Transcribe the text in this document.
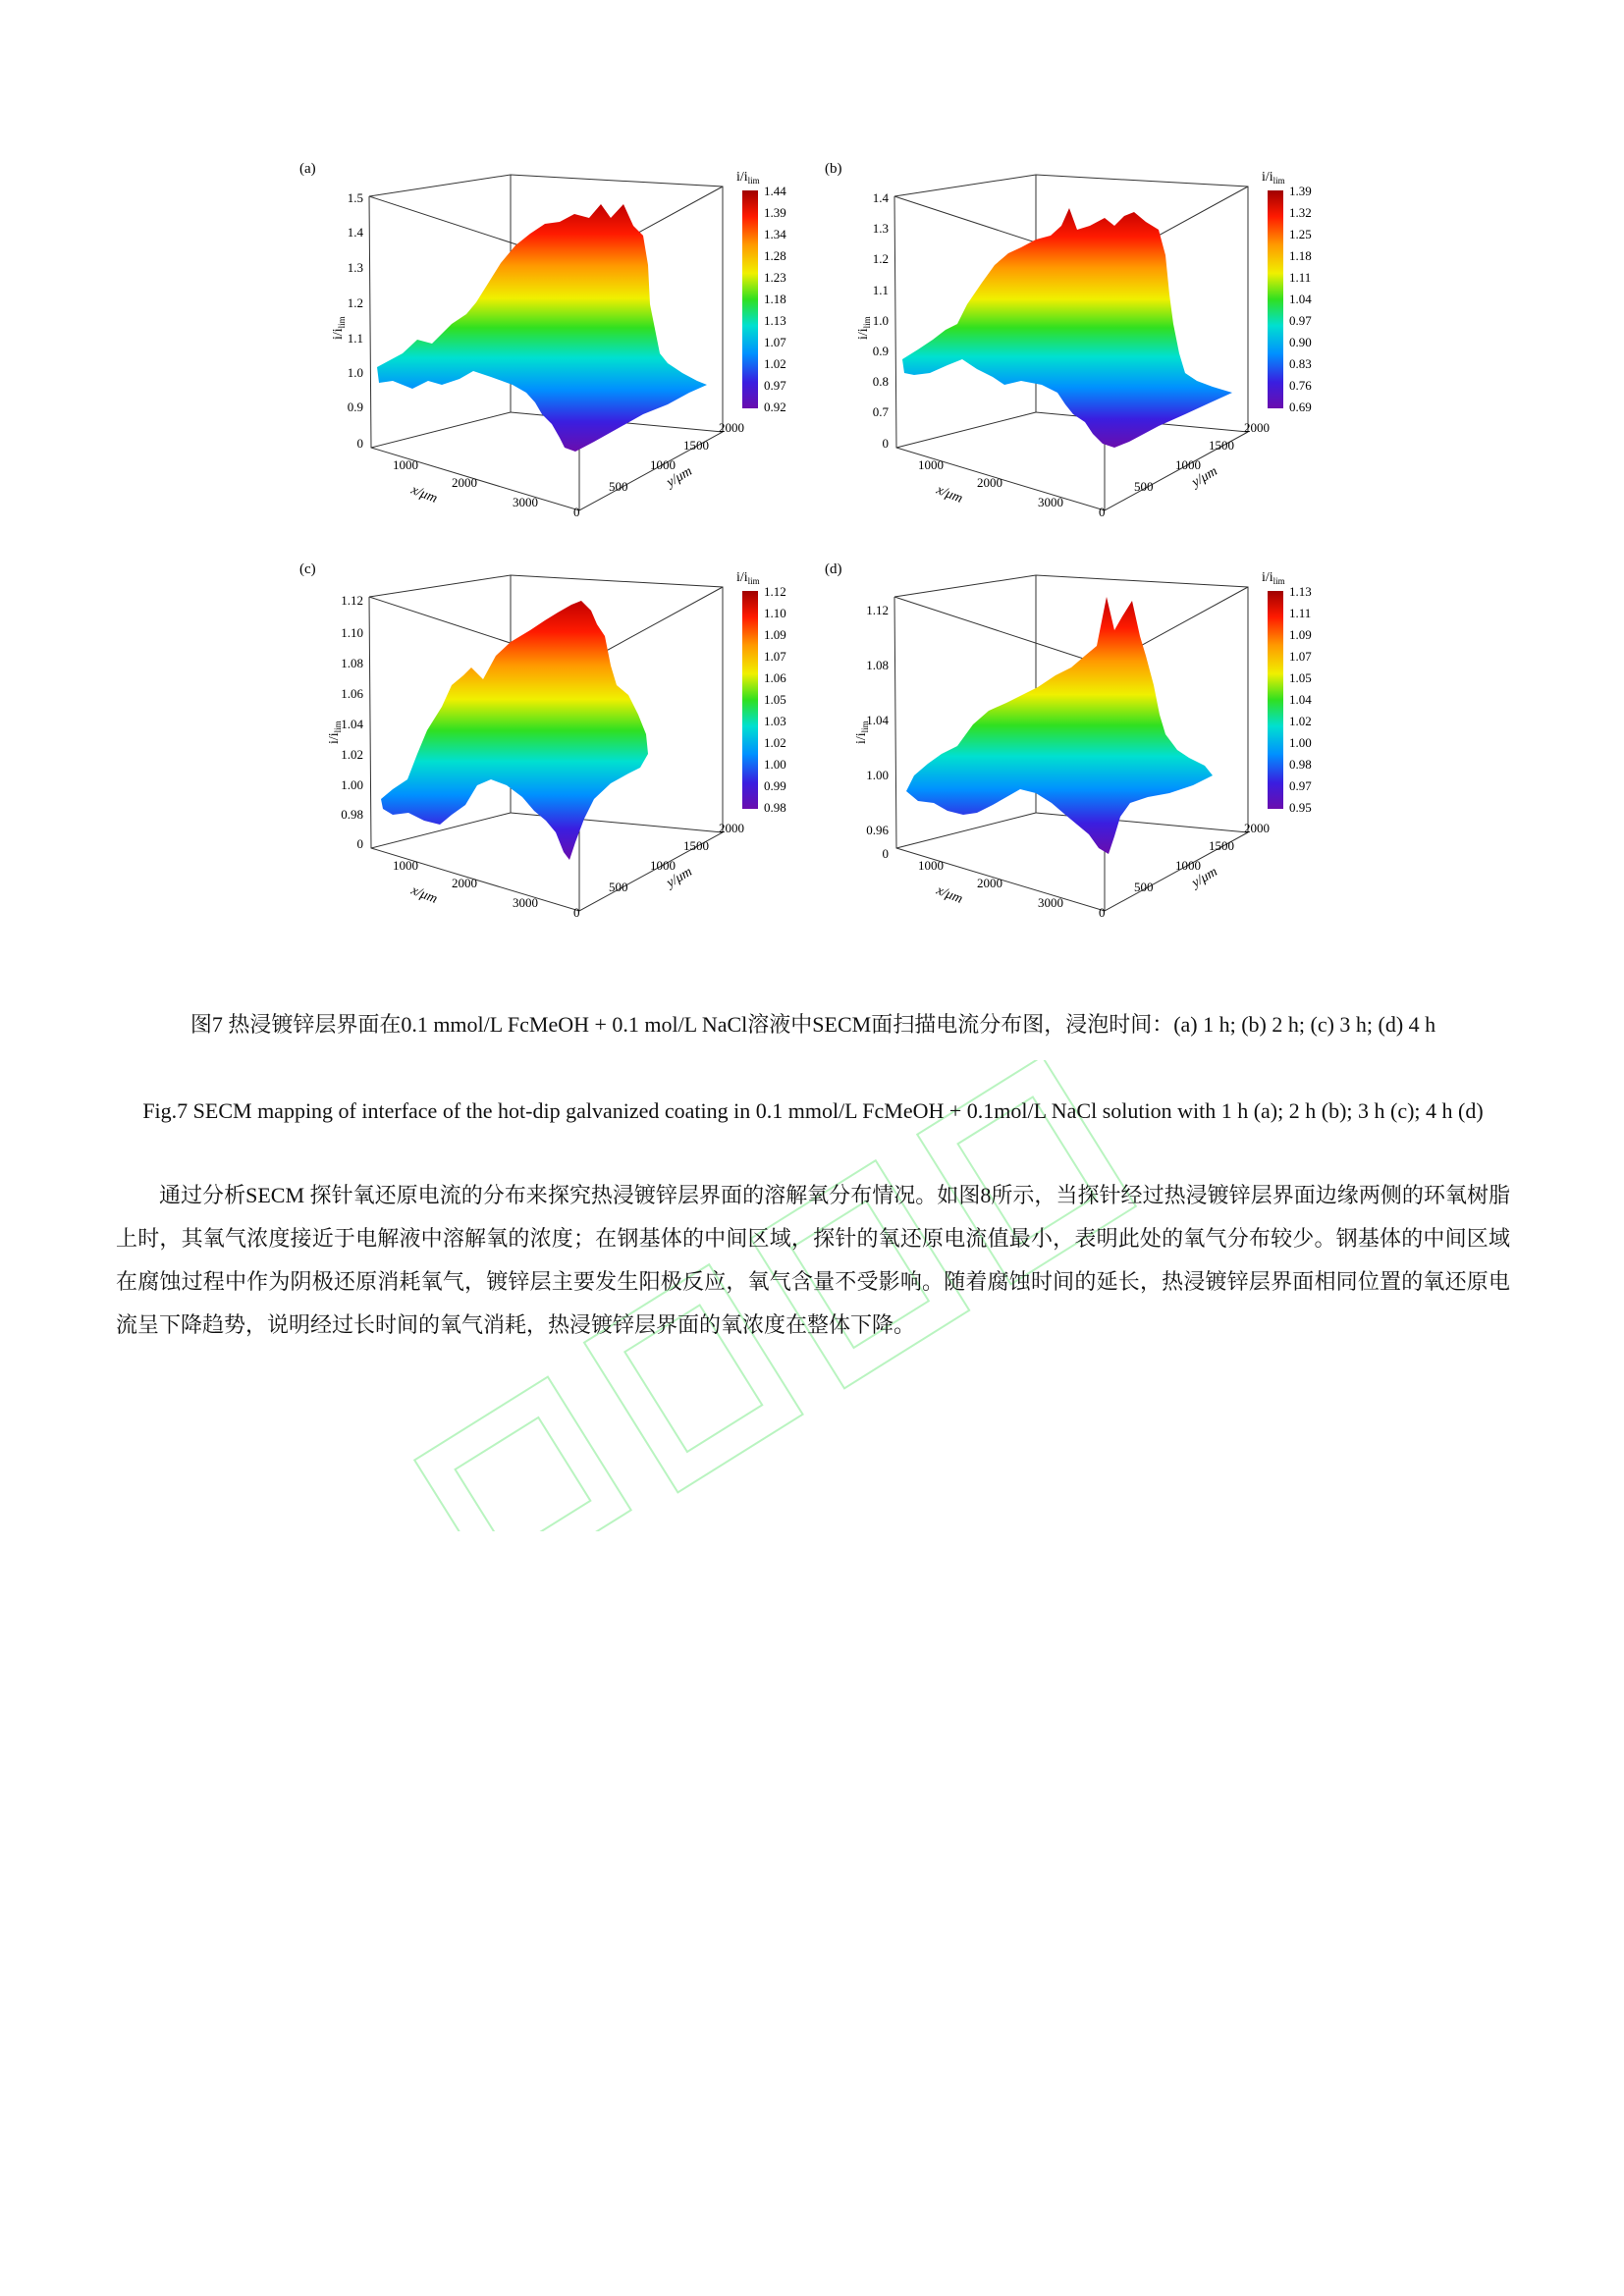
(a)
$i/i_{lim}$
1.5
1.4
1.3
1.2
1.1
1.0
0.9
0
1000
2000
3000
x/μm
0
500
1000
1500
2000
y/μm
$i/i_{lim}$
1.44
1.39
1.34
1.28
1.23
1.18
1.13
1.07
1.02
0.97
0.92
(b)
$i/i_{lim}$
1.4
1.3
1.2
1.1
1.0
0.9
0.8
0.7
0
1000
2000
3000
x/μm
0
500
1000
1500
2000
y/μm
$i/i_{lim}$
1.39
1.32
1.25
1.18
1.11
1.04
0.97
0.90
0.83
0.76
0.69
(c)
$i/i_{lim}$
1.12
1.10
1.08
1.06
1.04
1.02
1.00
0.98
0
1000
2000
3000
x/μm
0
500
1000
1500
2000
y/μm
$i/i_{lim}$
1.12
1.10
1.09
1.07
1.06
1.05
1.03
1.02
1.00
0.99
0.98
(d)
$i/i_{lim}$
1.12
1.08
1.04
1.00
0.96
0
1000
2000
3000
x/μm
0
500
1000
1500
2000
y/μm
$i/i_{lim}$
1.13
1.11
1.09
1.07
1.05
1.04
1.02
1.00
0.98
0.97
0.95
图7 热浸镀锌层界面在0.1 mmol/L FcMeOH + 0.1 mol/L NaCl溶液中SECM面扫描电流分布图，浸泡时间：(a) 1 h; (b) 2 h; (c) 3 h; (d) 4 h
Fig.7 SECM mapping of interface of the hot-dip galvanized coating in 0.1 mmol/L FcMeOH + 0.1mol/L NaCl solution with 1 h (a); 2 h (b); 3 h (c); 4 h (d)

通过分析SECM 探针氧还原电流的分布来探究热浸镀锌层界面的溶解氧分布情况。如图8所示，当探针经过热浸镀锌层界面边缘两侧的环氧树脂上时，其氧气浓度接近于电解液中溶解氧的浓度；在钢基体的中间区域，探针的氧还原电流值最小，表明此处的氧气分布较少。钢基体的中间区域在腐蚀过程中作为阴极还原消耗氧气，镀锌层主要发生阳极反应，氧气含量不受影响。随着腐蚀时间的延长，热浸镀锌层界面相同位置的氧还原电流呈下降趋势，说明经过长时间的氧气消耗，热浸镀锌层界面的氧浓度在整体下降。
